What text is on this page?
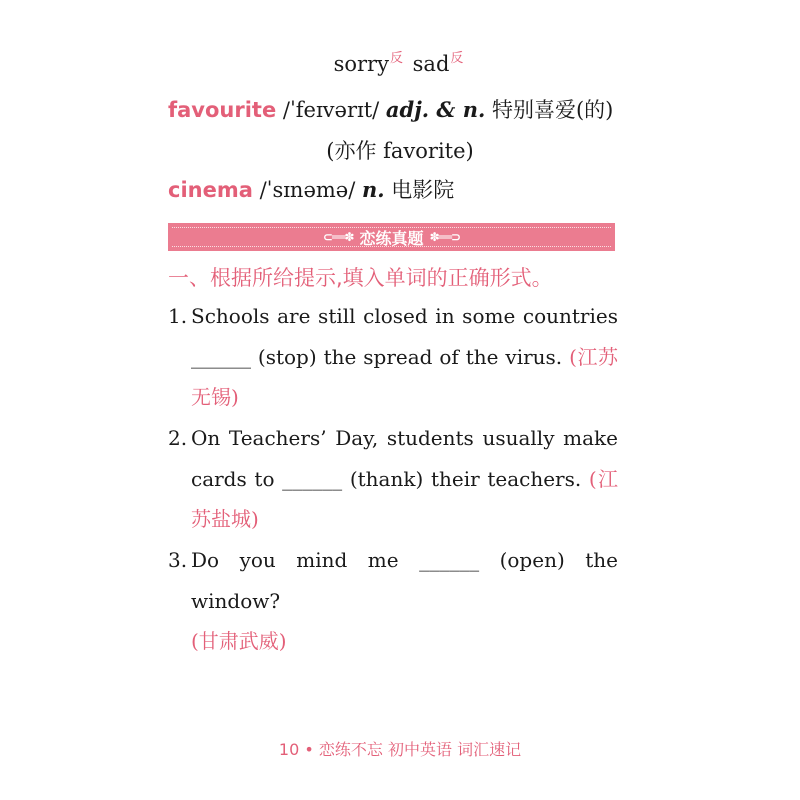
sorry$^反$ sad$^反$
favourite /ˈfeɪvərɪt/ adj. & n. 特别喜爱(的)
(亦作 favorite)
cinema /ˈsɪnəmə/ n. 电影院
⊂══✽ 恋练真题 ✽══⊃
一、根据所给提示,填入单词的正确形式。
1. Schools are still closed in some countries ______ (stop) the spread of the virus. (江苏无锡)
2. On Teachers’ Day, students usually make cards to ______ (thank) their teachers. (江苏盐城)
3. Do you mind me ______ (open) the window?
(甘肃武威)
10 • 恋练不忘 初中英语 词汇速记
